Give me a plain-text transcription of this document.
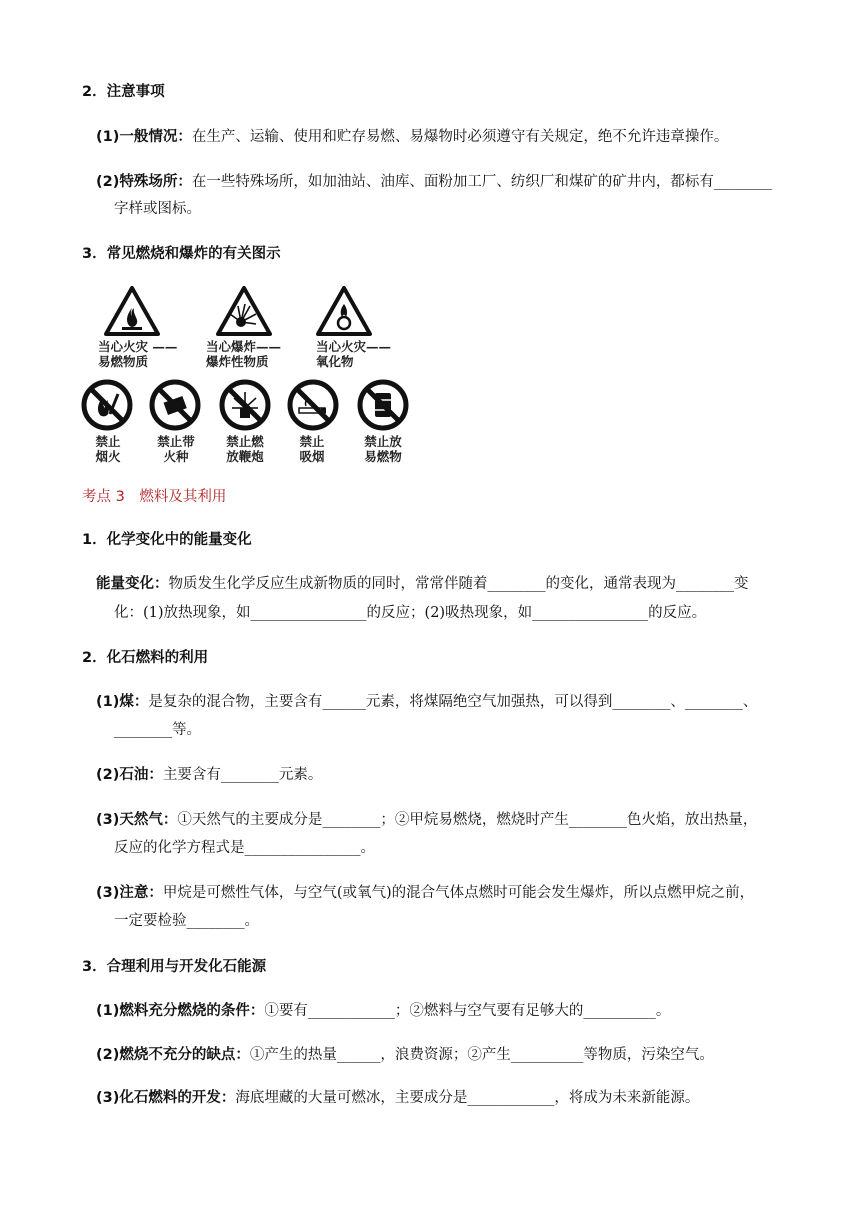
2．注意事项
(1)一般情况：在生产、运输、使用和贮存易燃、易爆物时必须遵守有关规定，绝不允许违章操作。
(2)特殊场所：在一些特殊场所，如加油站、油库、面粉加工厂、纺织厂和煤矿的矿井内，都标有________
字样或图标。
3．常见燃烧和爆炸的有关图示
当心火灾 ——
易燃物质
当心爆炸——
爆炸性物质
当心火灾——
氧化物
禁止
烟火
禁止带
火种
禁止燃
放鞭炮
禁止
吸烟
禁止放
易燃物
考点 3　燃料及其利用
1．化学变化中的能量变化
能量变化：物质发生化学反应生成新物质的同时，常常伴随着________的变化，通常表现为________变
化：(1)放热现象，如________________的反应；(2)吸热现象，如________________的反应。
2．化石燃料的利用
(1)煤：是复杂的混合物，主要含有______元素，将煤隔绝空气加强热，可以得到________、________、
________等。
(2)石油：主要含有________元素。
(3)天然气：①天然气的主要成分是________；②甲烷易燃烧，燃烧时产生________色火焰，放出热量，
反应的化学方程式是________________。
(3)注意：甲烷是可燃性气体，与空气(或氧气)的混合气体点燃时可能会发生爆炸，所以点燃甲烷之前，
一定要检验________。
3．合理利用与开发化石能源
(1)燃料充分燃烧的条件：①要有____________；②燃料与空气要有足够大的__________。
(2)燃烧不充分的缺点：①产生的热量______，浪费资源；②产生__________等物质，污染空气。
(3)化石燃料的开发：海底埋藏的大量可燃冰，主要成分是____________，将成为未来新能源。
